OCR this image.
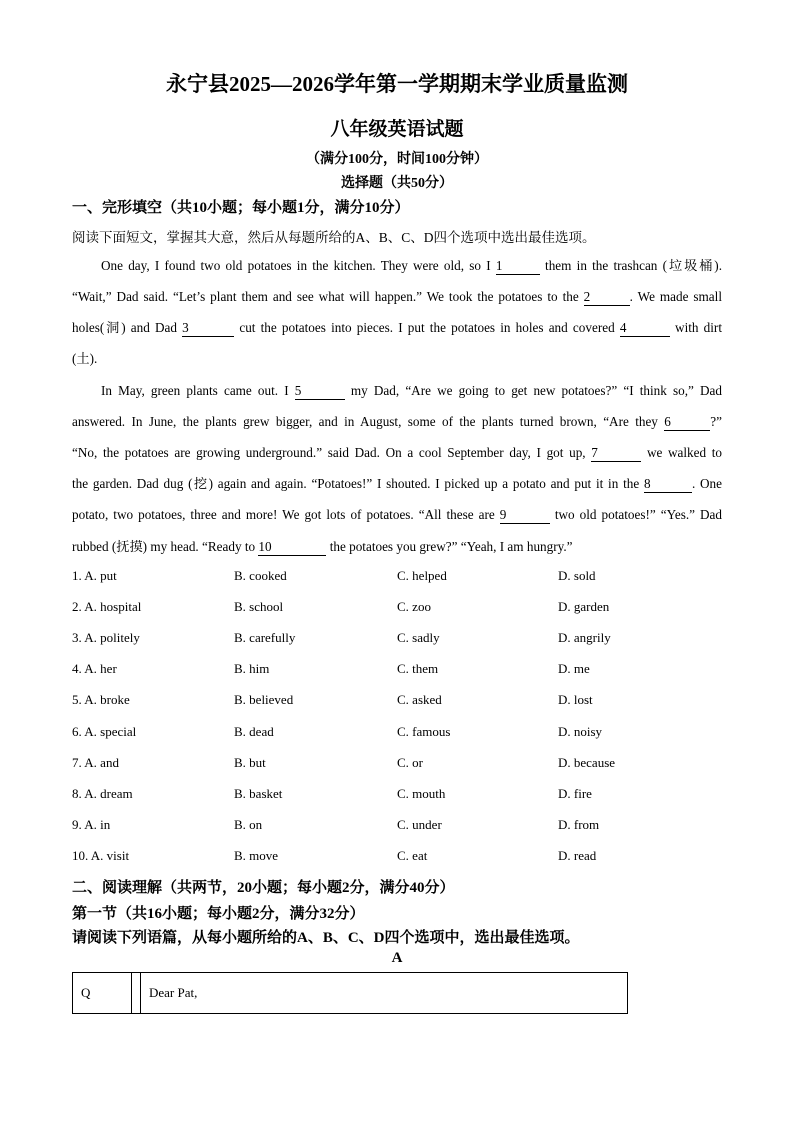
永宁县2025—2026学年第一学期期末学业质量监测
八年级英语试题
（满分100分，时间100分钟）
选择题（共50分）
一、完形填空（共10小题；每小题1分，满分10分）
阅读下面短文，掌握其大意，然后从每题所给的A、B、C、D四个选项中选出最佳选项。
One day, I found two old potatoes in the kitchen. They were old, so I 1	them in the trashcan (垃圾桶).
“Wait,” Dad said. “Let’s plant them and see what will happen.” We took the potatoes to the 2	. We made small
holes(洞) and Dad 3	cut the potatoes into pieces. I put the potatoes in holes and covered 4	with dirt
(土).
In May, green plants came out. I 5	my Dad, “Are we going to get new potatoes?” “I think so,” Dad
answered. In June, the plants grew bigger, and in August, some of the plants turned brown, “Are they 6	?”
“No, the potatoes are growing underground.” said Dad. On a cool September day, I got up, 7	we walked to
the garden. Dad dug (挖) again and again. “Potatoes!” I shouted. I picked up a potato and put it in the 8	. One
potato, two potatoes, three and more! We got lots of potatoes. “All these are 9	two old potatoes!” “Yes.” Dad
rubbed (抚摸) my head. “Ready to 10	the potatoes you grew?” “Yeah, I am hungry.”
1. A. put	B. cooked	C. helped	D. sold
2. A. hospital	B. school	C. zoo	D. garden
3. A. politely	B. carefully	C. sadly	D. angrily
4. A. her	B. him	C. them	D. me
5. A. broke	B. believed	C. asked	D. lost
6. A. special	B. dead	C. famous	D. noisy
7. A. and	B. but	C. or	D. because
8. A. dream	B. basket	C. mouth	D. fire
9. A. in	B. on	C. under	D. from
10. A. visit	B. move	C. eat	D. read
二、阅读理解（共两节，20小题；每小题2分，满分40分）
第一节（共16小题；每小题2分，满分32分）
请阅读下列语篇，从每小题所给的A、B、C、D四个选项中，选出最佳选项。
A
Q		Dear Pat,
